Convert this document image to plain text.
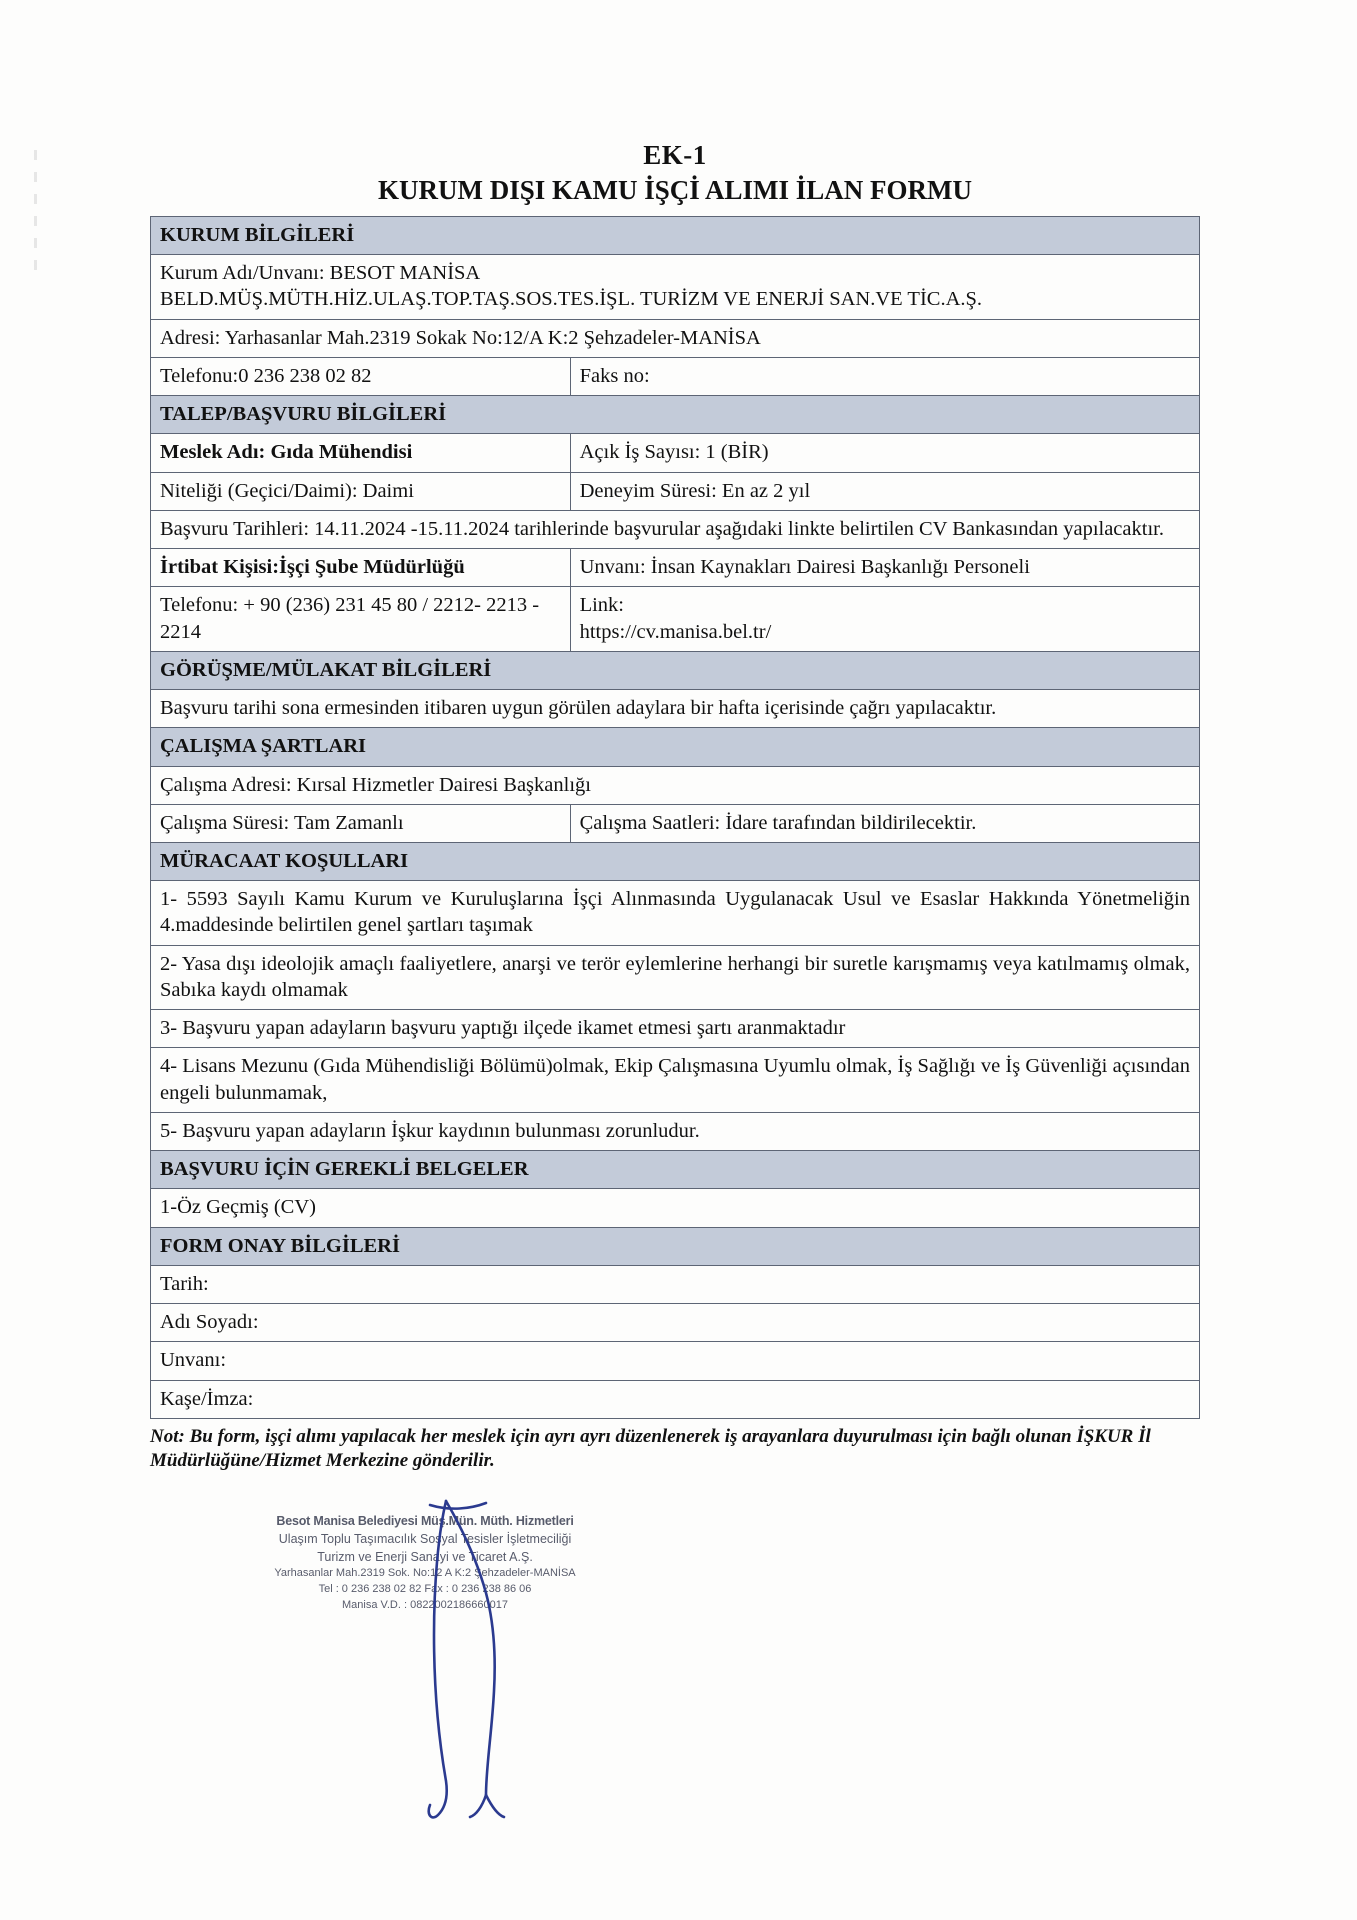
EK-1
KURUM DIŞI KAMU İŞÇİ ALIMI İLAN FORMU
KURUM BİLGİLERİ	

Kurum Adı/Unvanı: BESOT MANİSA
BELD.MÜŞ.MÜTH.HİZ.ULAŞ.TOP.TAŞ.SOS.TES.İŞL. TURİZM VE ENERJİ SAN.VE TİC.A.Ş.	

Adresi: Yarhasanlar Mah.2319 Sokak No:12/A K:2 Şehzadeler-MANİSA	
Telefonu:0 236 238 02 82	Faks no:
TALEP/BAŞVURU BİLGİLERİ	
Meslek Adı: Gıda Mühendisi	Açık İş Sayısı: 1 (BİR)
Niteliği (Geçici/Daimi): Daimi	Deneyim Süresi: En az 2 yıl
Başvuru Tarihleri: 14.11.2024 -15.11.2024 tarihlerinde başvurular aşağıdaki linkte belirtilen CV Bankasından yapılacaktır.	
İrtibat Kişisi:İşçi Şube Müdürlüğü	Unvanı: İnsan Kaynakları Dairesi Başkanlığı Personeli
Telefonu: + 90 (236) 231 45 80 / 2212- 2213 - 2214	Link:
https://cv.manisa.bel.tr/

GÖRÜŞME/MÜLAKAT BİLGİLERİ	
Başvuru tarihi sona ermesinden itibaren uygun görülen adaylara bir hafta içerisinde çağrı yapılacaktır.	
ÇALIŞMA ŞARTLARI	
Çalışma Adresi: Kırsal Hizmetler Dairesi Başkanlığı	
Çalışma Süresi: Tam Zamanlı	Çalışma Saatleri: İdare tarafından bildirilecektir.
MÜRACAAT KOŞULLARI	
1- 5593 Sayılı Kamu Kurum ve Kuruluşlarına İşçi Alınmasında Uygulanacak Usul ve Esaslar Hakkında Yönetmeliğin 4.maddesinde belirtilen genel şartları taşımak	
2- Yasa dışı ideolojik amaçlı faaliyetlere, anarşi ve terör eylemlerine herhangi bir suretle karışmamış veya katılmamış olmak, Sabıka kaydı olmamak	
3- Başvuru yapan adayların başvuru yaptığı ilçede ikamet etmesi şartı aranmaktadır	
4- Lisans Mezunu (Gıda Mühendisliği Bölümü)olmak, Ekip Çalışmasına Uyumlu olmak, İş Sağlığı ve İş Güvenliği açısından engeli bulunmamak,	
5- Başvuru yapan adayların İşkur kaydının bulunması zorunludur.	
BAŞVURU İÇİN GEREKLİ BELGELER	
1-Öz Geçmiş (CV)	
FORM ONAY BİLGİLERİ	
Tarih:	
Adı Soyadı:	
Unvanı:	
Kaşe/İmza:	
Not: Bu form, işçi alımı yapılacak her meslek için ayrı ayrı düzenlenerek iş arayanlara duyurulması için bağlı olunan İŞKUR İl Müdürlüğüne/Hizmet Merkezine gönderilir.
Besot Manisa Belediyesi Müş.Mün. Müth. Hizmetleri
Ulaşım Toplu Taşımacılık Sosyal Tesisler İşletmeciliği
Turizm ve Enerji Sanayi ve Ticaret A.Ş.
Yarhasanlar Mah.2319 Sok. No:12 A K:2 Şehzadeler-MANİSA
Tel : 0 236 238 02 82 Fax : 0 236 238 86 06
Manisa V.D. : 0822002186660017
